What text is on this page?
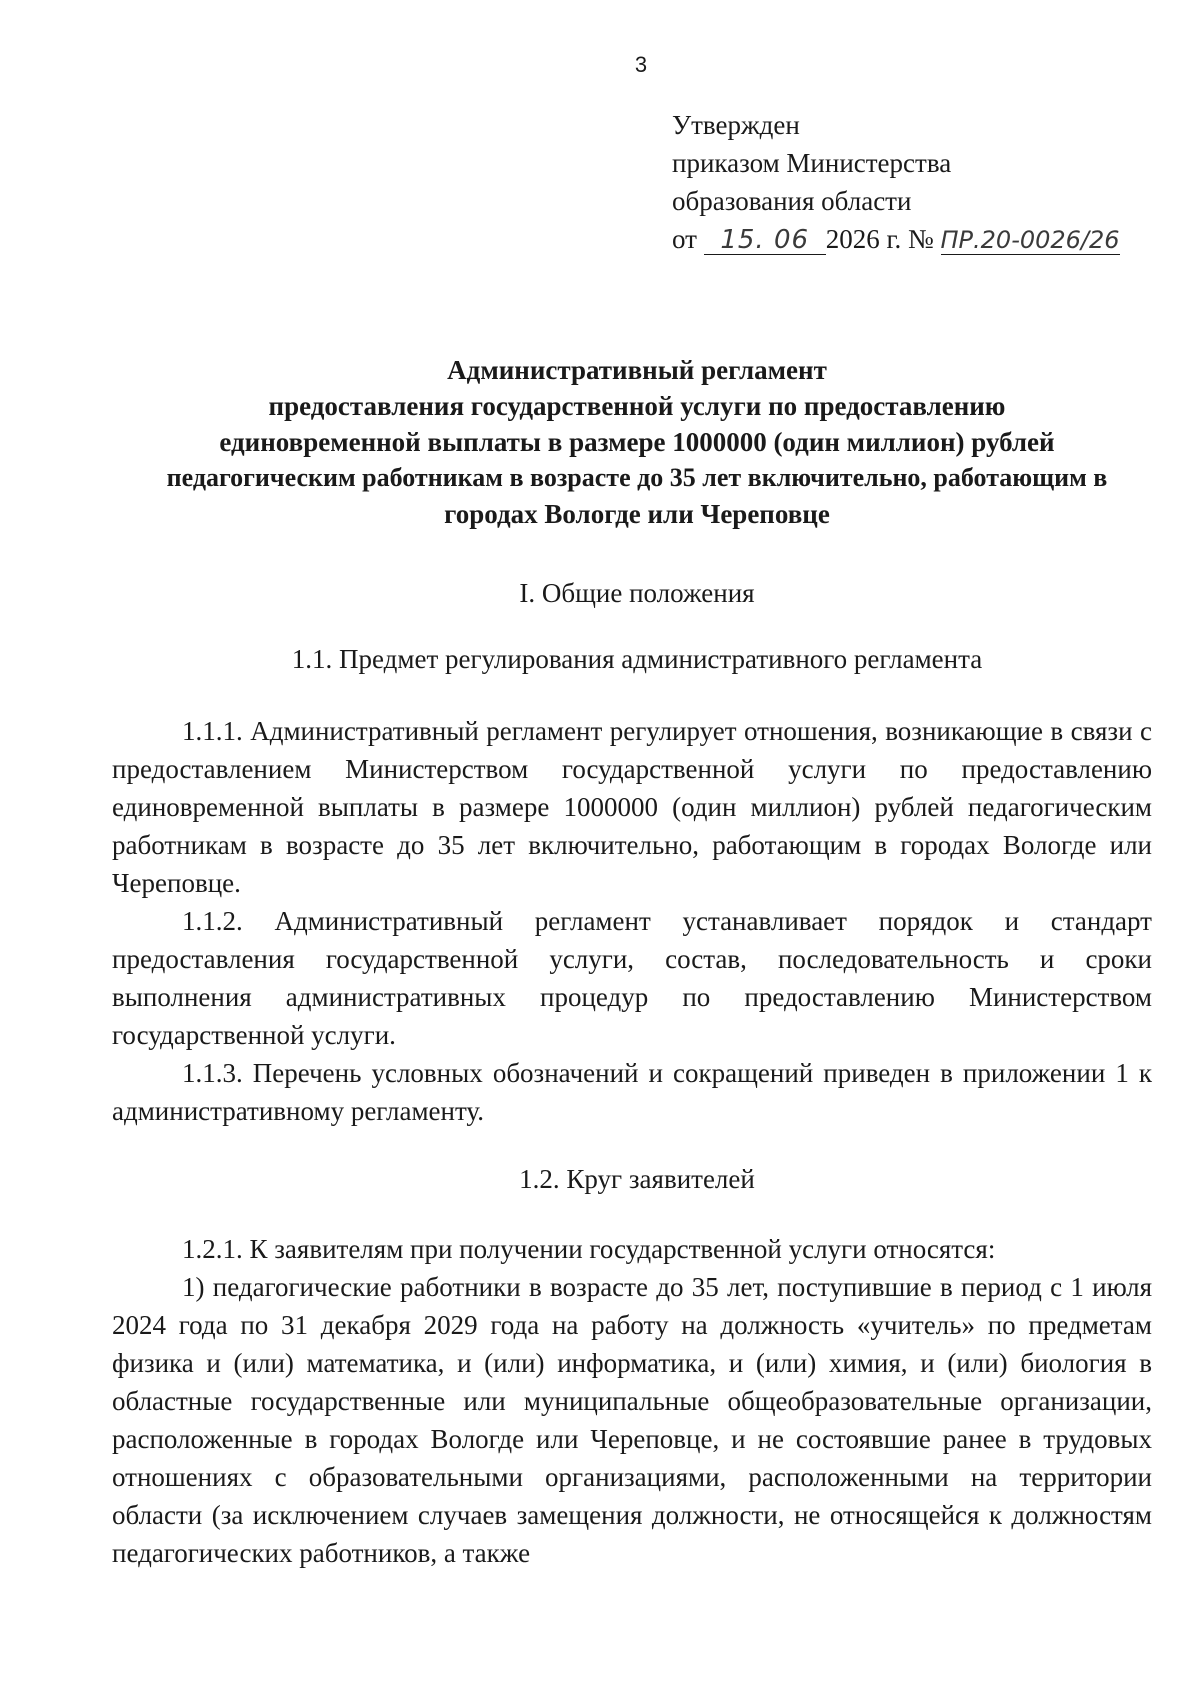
3
Утвержден
приказом Министерства
образования области
от 15. 06 2026 г. № ПР.20-0026/26
Административный регламент
предоставления государственной услуги по предоставлению
единовременной выплаты в размере 1000000 (один миллион) рублей
педагогическим работникам в возрасте до 35 лет включительно, работающим в
городах Вологде или Череповце
I. Общие положения
1.1. Предмет регулирования административного регламента

1.1.1. Административный регламент регулирует отношения, возникающие в связи с предоставлением Министерством государственной услуги по предоставлению единовременной выплаты в размере 1000000 (один миллион) рублей педагогическим работникам в возрасте до 35 лет включительно, работающим в городах Вологде или Череповце.

1.1.2. Административный регламент устанавливает порядок и стандарт предоставления государственной услуги, состав, последовательность и сроки выполнения административных процедур по предоставлению Министерством государственной услуги.

1.1.3. Перечень условных обозначений и сокращений приведен в приложении 1 к административному регламенту.

1.2. Круг заявителей

1.2.1. К заявителям при получении государственной услуги относятся:

1) педагогические работники в возрасте до 35 лет, поступившие в период с 1 июля 2024 года по 31 декабря 2029 года на работу на должность «учитель» по предметам физика и (или) математика, и (или) информатика, и (или) химия, и (или) биология в областные государственные или муниципальные общеобразовательные организации, расположенные в городах Вологде или Череповце, и не состоявшие ранее в трудовых отношениях с образовательными организациями, расположенными на территории области (за исключением случаев замещения должности, не относящейся к должностям педагогических работников, а также
